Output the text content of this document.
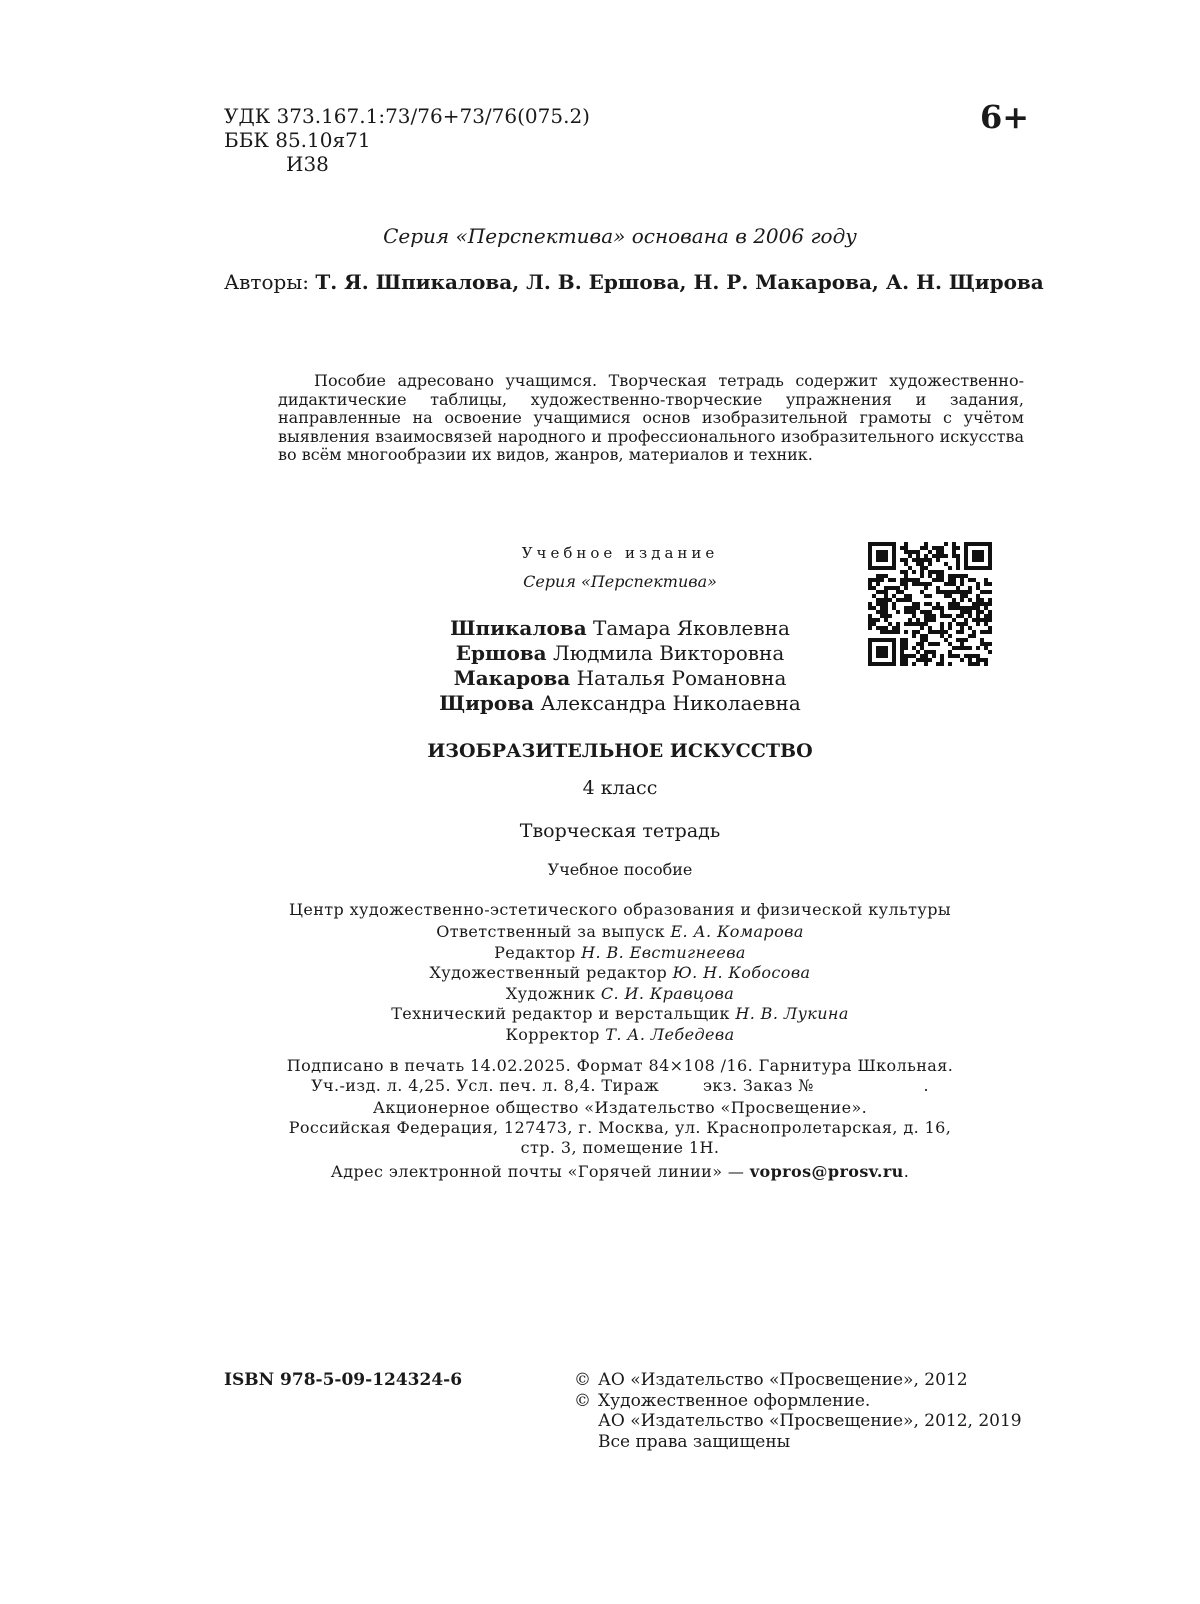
УДК 373.167.1:73/76+73/76(075.2)
ББК 85.10я71
И38
6+
Серия «Перспектива» основана в 2006 году
Авторы: Т. Я. Шпикалова, Л. В. Ершова, Н. Р. Макарова, А. Н. Щирова

Пособие адресовано учащимся. Творческая тетрадь содержит художественно-дидактические таблицы, художественно-творческие упражнения и задания, направленные на освоение учащимися основ изобразительной грамоты с учётом выявления взаимосвязей народного и профессионального изобразительного искусства во всём многообразии их видов, жанров, материалов и техник.

Учебное издание
Серия «Перспектива»
Шпикалова Тамара Яковлевна
Ершова Людмила Викторовна
Макарова Наталья Романовна
Щирова Александра Николаевна
ИЗОБРАЗИТЕЛЬНОЕ ИСКУССТВО
4 класс
Творческая тетрадь
Учебное пособие
Центр художественно-эстетического образования и физической культуры
Ответственный за выпуск Е. А. Комарова
Редактор Н. В. Евстигнеева
Художественный редактор Ю. Н. Кобосова
Художник С. И. Кравцова
Технический редактор и верстальщик Н. В. Лукина
Корректор Т. А. Лебедева
Подписано в печать 14.02.2025. Формат 84×108 /16. Гарнитура Школьная.
Уч.-изд. л. 4,25. Усл. печ. л. 8,4. Тираж        экз. Заказ №                    .
Акционерное общество «Издательство «Просвещение».
Российская Федерация, 127473, г. Москва, ул. Краснопролетарская, д. 16,
стр. 3, помещение 1Н.
Адрес электронной почты «Горячей линии» — vopros@prosv.ru.
ISBN 978-5-09-124324-6	© АО «Издательство «Просвещение», 2012
© Художественное оформление.
АО «Издательство «Просвещение», 2012, 2019
Все права защищены
